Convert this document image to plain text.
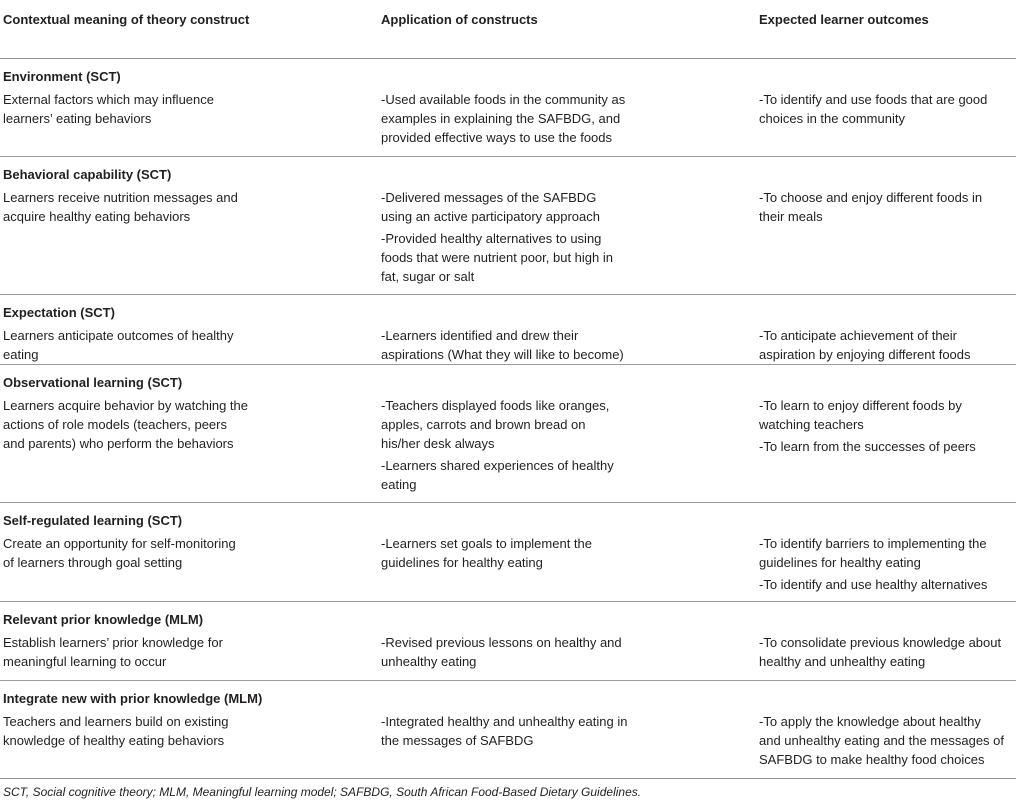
Contextual meaning of theory construct	Application of constructs	Expected learner outcomes
Environment (SCT)
External factors which may influence
learners’ eating behaviors
-Used available foods in the community as
examples in explaining the SAFBDG, and
provided effective ways to use the foods
-To identify and use foods that are good
choices in the community
Behavioral capability (SCT)
Learners receive nutrition messages and
acquire healthy eating behaviors
-Delivered messages of the SAFBDG
using an active participatory approach
-Provided healthy alternatives to using
foods that were nutrient poor, but high in
fat, sugar or salt
-To choose and enjoy different foods in
their meals
Expectation (SCT)
Learners anticipate outcomes of healthy
eating
-Learners identified and drew their
aspirations (What they will like to become)
-To anticipate achievement of their
aspiration by enjoying different foods
Observational learning (SCT)
Learners acquire behavior by watching the
actions of role models (teachers, peers
and parents) who perform the behaviors
-Teachers displayed foods like oranges,
apples, carrots and brown bread on
his/her desk always
-Learners shared experiences of healthy
eating
-To learn to enjoy different foods by
watching teachers
-To learn from the successes of peers
Self-regulated learning (SCT)
Create an opportunity for self-monitoring
of learners through goal setting
-Learners set goals to implement the
guidelines for healthy eating
-To identify barriers to implementing the
guidelines for healthy eating
-To identify and use healthy alternatives
Relevant prior knowledge (MLM)
Establish learners’ prior knowledge for
meaningful learning to occur
-Revised previous lessons on healthy and
unhealthy eating
-To consolidate previous knowledge about
healthy and unhealthy eating
Integrate new with prior knowledge (MLM)
Teachers and learners build on existing
knowledge of healthy eating behaviors
-Integrated healthy and unhealthy eating in
the messages of SAFBDG
-To apply the knowledge about healthy
and unhealthy eating and the messages of
SAFBDG to make healthy food choices
SCT, Social cognitive theory; MLM, Meaningful learning model; SAFBDG, South African Food-Based Dietary Guidelines.
